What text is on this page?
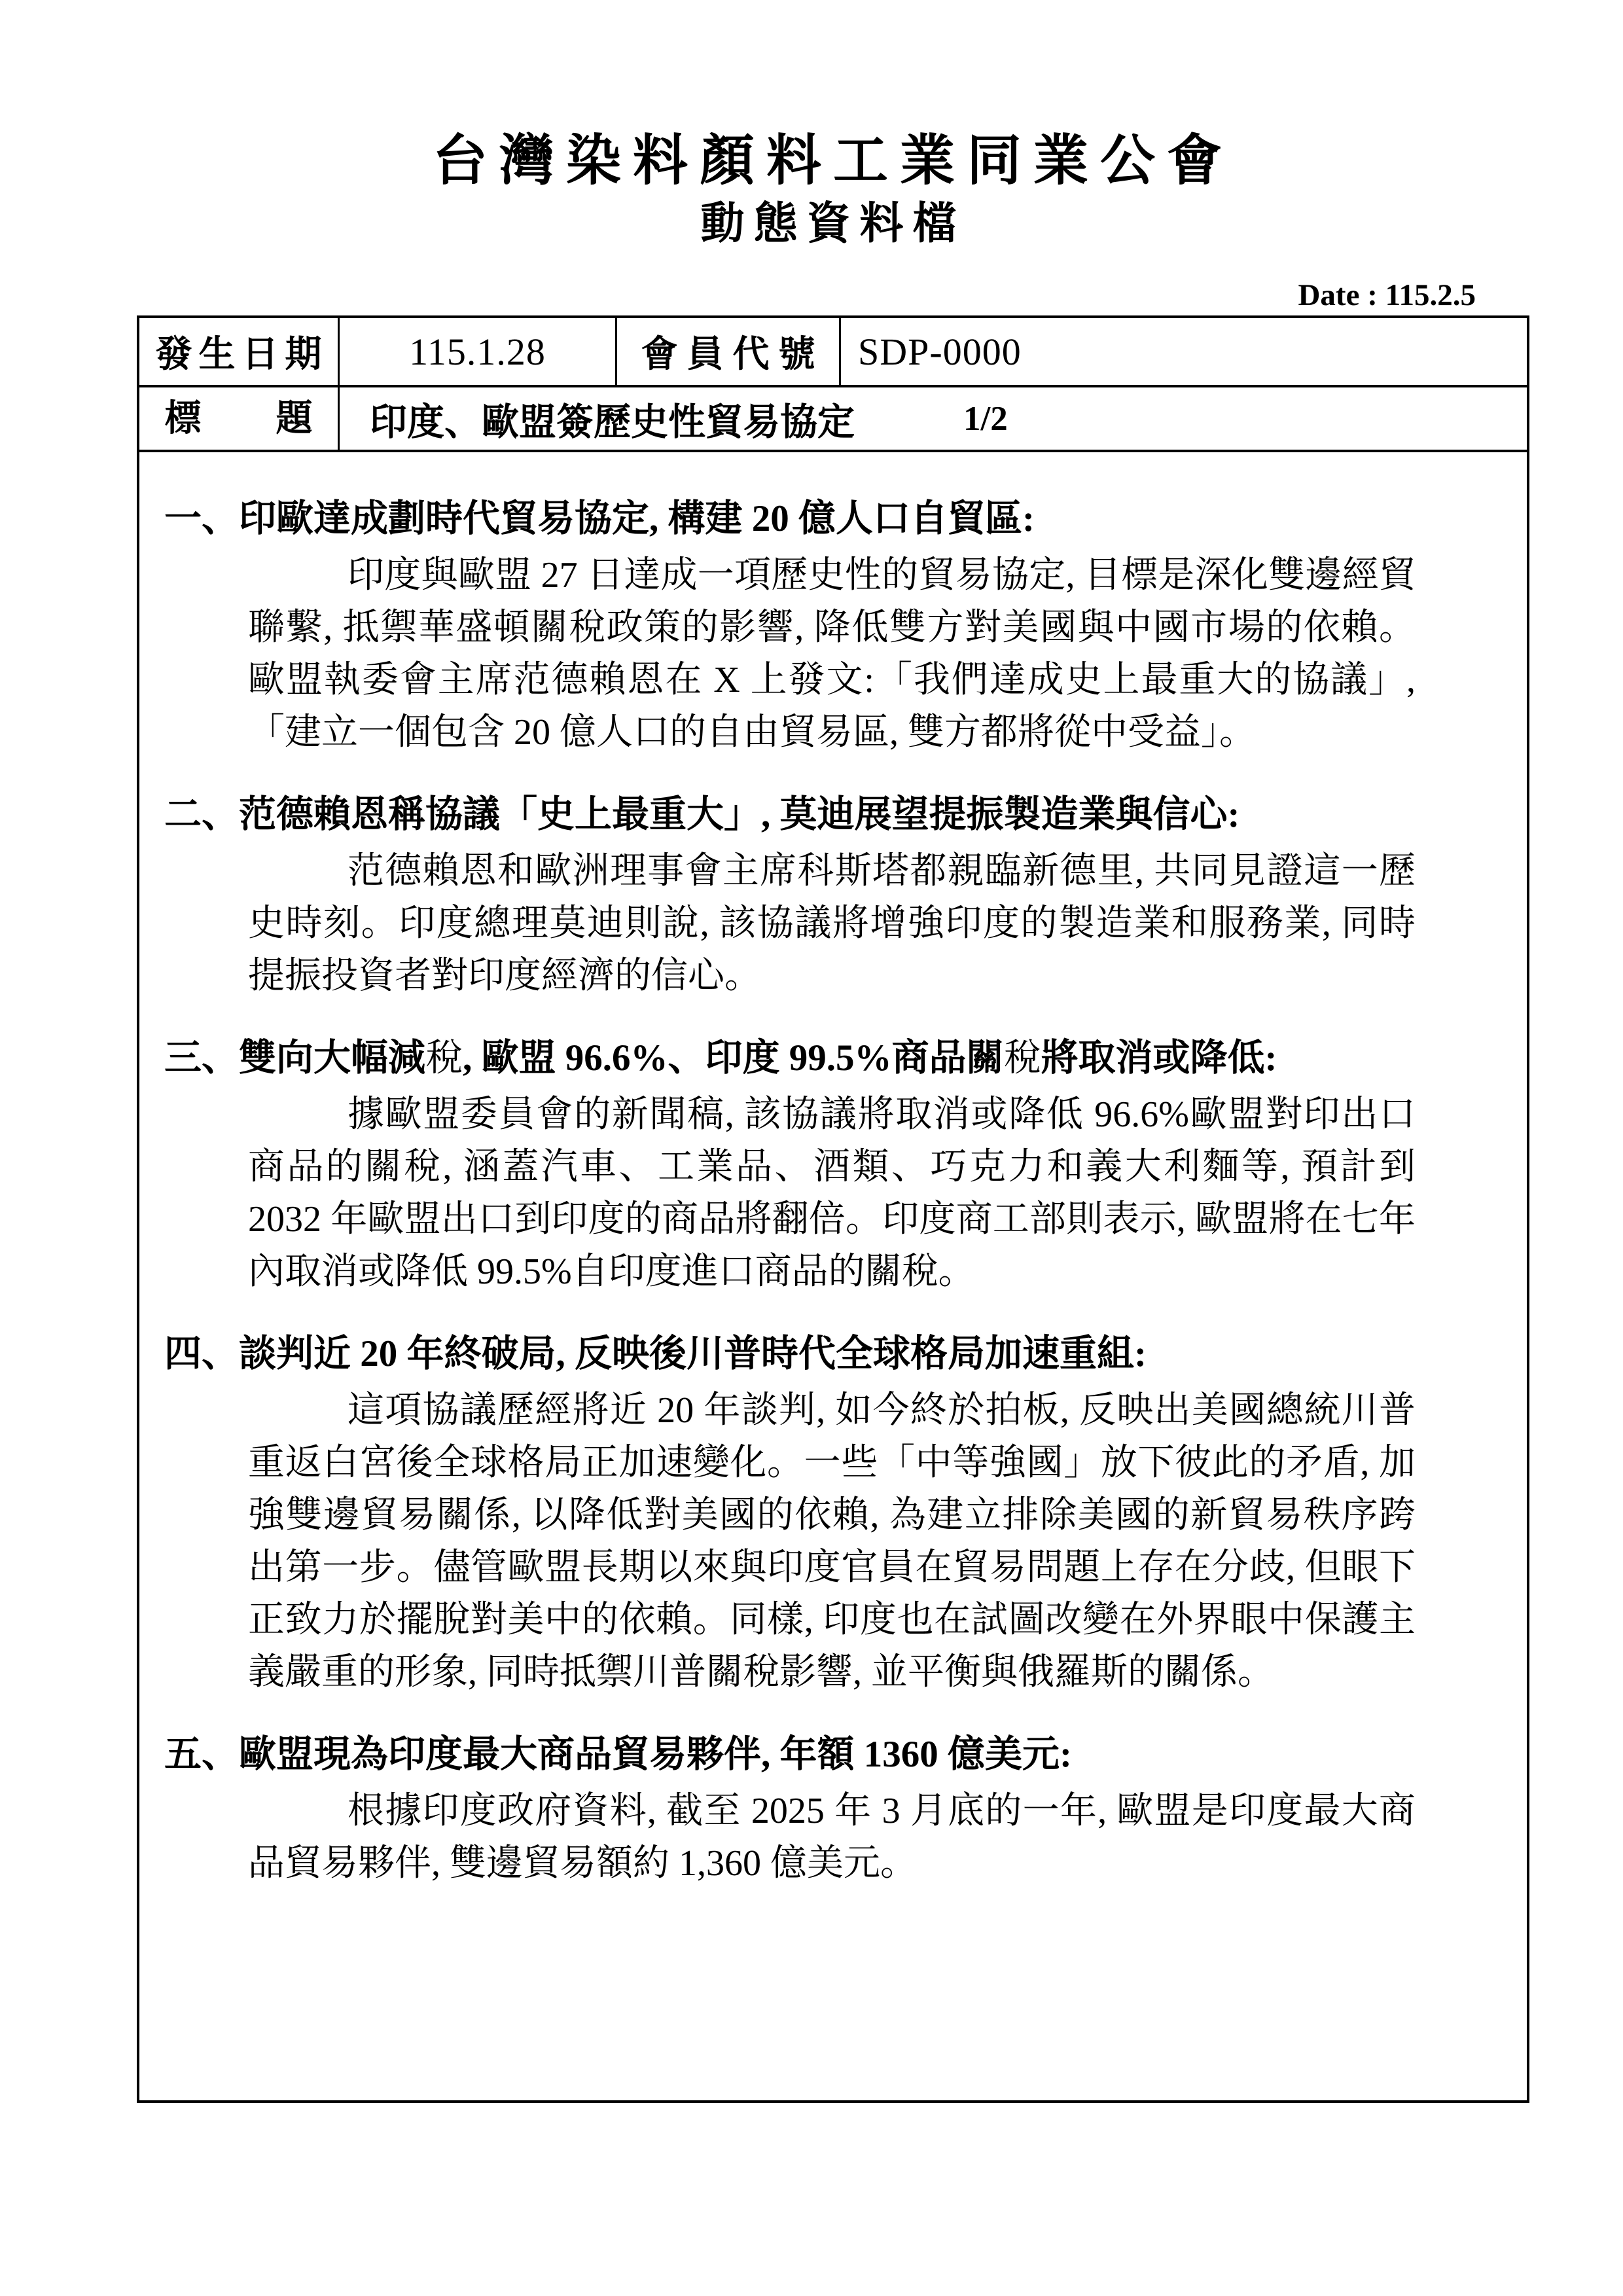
台灣染料顏料工業同業公會
動態資料檔
Date : 115.2.5
發生日期 115.1.28	會員代號 SDP-0000
標 題 印度、歐盟簽歷史性貿易協定	1/2
一、印歐達成劃時代貿易協定, 構建 20 億人口自貿區:

印度與歐盟 27 日達成一項歷史性的貿易協定, 目標是深化雙邊經貿聯繫, 抵禦華盛頓關稅政策的影響, 降低雙方對美國與中國市場的依賴。歐盟執委會主席范德賴恩在 X 上發文:「我們達成史上最重大的協議」,「建立一個包含 20 億人口的自由貿易區, 雙方都將從中受益」。

二、范德賴恩稱協議「史上最重大」, 莫迪展望提振製造業與信心:

范德賴恩和歐洲理事會主席科斯塔都親臨新德里, 共同見證這一歷史時刻。印度總理莫迪則說, 該協議將增強印度的製造業和服務業, 同時提振投資者對印度經濟的信心。

三、雙向大幅減稅, 歐盟 96.6%、印度 99.5%商品關稅將取消或降低:

據歐盟委員會的新聞稿, 該協議將取消或降低 96.6%歐盟對印出口商品的關稅, 涵蓋汽車、工業品、酒類、巧克力和義大利麵等, 預計到 2032 年歐盟出口到印度的商品將翻倍。印度商工部則表示, 歐盟將在七年內取消或降低 99.5%自印度進口商品的關稅。

四、談判近 20 年終破局, 反映後川普時代全球格局加速重組:

這項協議歷經將近 20 年談判, 如今終於拍板, 反映出美國總統川普重返白宮後全球格局正加速變化。一些「中等強國」放下彼此的矛盾, 加強雙邊貿易關係, 以降低對美國的依賴, 為建立排除美國的新貿易秩序跨出第一步。儘管歐盟長期以來與印度官員在貿易問題上存在分歧, 但眼下正致力於擺脫對美中的依賴。同樣, 印度也在試圖改變在外界眼中保護主義嚴重的形象, 同時抵禦川普關稅影響, 並平衡與俄羅斯的關係。

五、歐盟現為印度最大商品貿易夥伴, 年額 1360 億美元:

根據印度政府資料, 截至 2025 年 3 月底的一年, 歐盟是印度最大商品貿易夥伴, 雙邊貿易額約 1,360 億美元。
